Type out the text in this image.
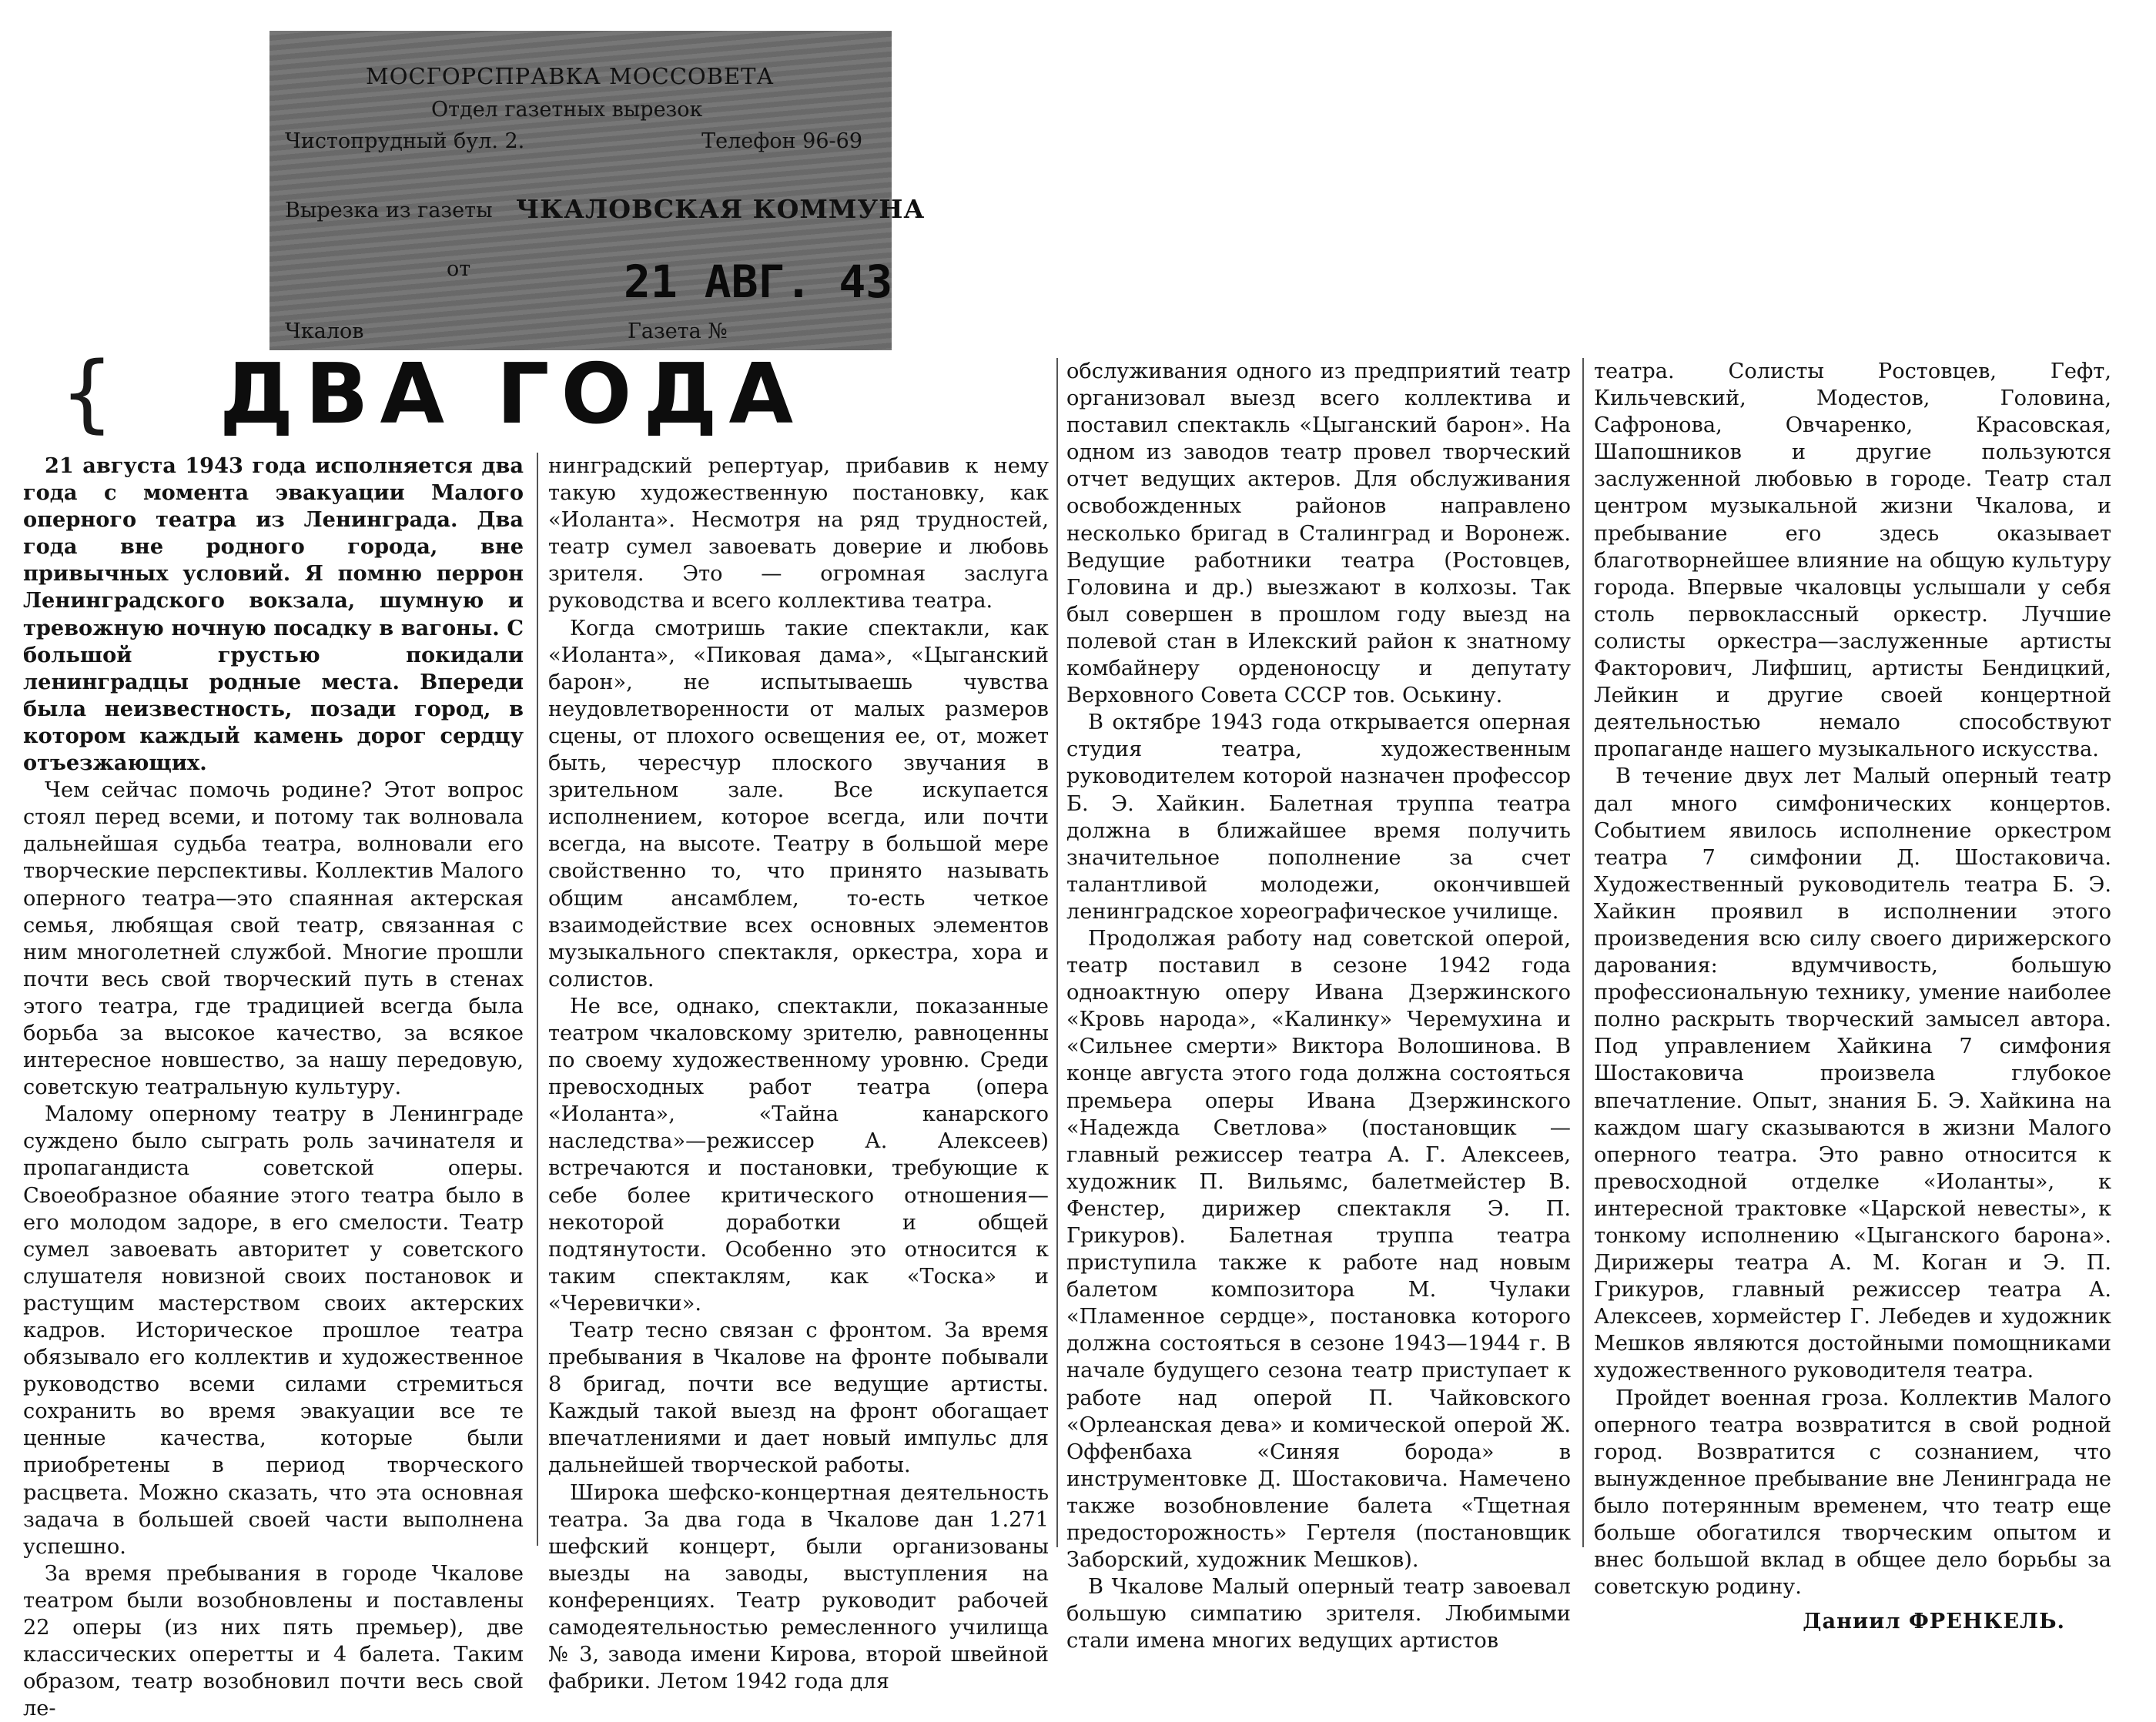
МОСГОРСПРАВКА МОССОВЕТА
Отдел газетных вырезок
Чистопрудный бул. 2.	Телефон 96-69
Вырезка из газеты ЧКАЛОВСКАЯ КОММУНА
от	21 АВГ. 43
Чкалов	Газета №
{ ДВА ГОДА

21 августа 1943 года исполняется два года с момента эвакуации Малого оперного театра из Ленинграда. Два года вне родного города, вне привычных условий. Я помню перрон Ленинградского вокзала, шумную и тревожную ночную посадку в вагоны. С большой грустью покидали ленинградцы родные места. Впереди была неизвестность, позади город, в котором каждый камень дорог сердцу отъезжающих.

Чем сейчас помочь родине? Этот вопрос стоял перед всеми, и потому так волновала дальнейшая судьба театра, волновали его творческие перспективы. Коллектив Малого оперного театра—это спаянная актерская семья, любящая свой театр, связанная с ним многолетней службой. Многие прошли почти весь свой творческий путь в стенах этого театра, где традицией всегда была борьба за высокое качество, за всякое интересное новшество, за нашу передовую, советскую театральную культуру.

Малому оперному театру в Ленинграде суждено было сыграть роль зачинателя и пропагандиста советской оперы. Своеобразное обаяние этого театра было в его молодом задоре, в его смелости. Театр сумел завоевать авторитет у советского слушателя новизной своих постановок и растущим мастерством своих актерских кадров. Историческое прошлое театра обязывало его коллектив и художественное руководство всеми силами стремиться сохранить во время эвакуации все те ценные качества, которые были приобретены в период творческого расцвета. Можно сказать, что эта основная задача в большей своей части выполнена успешно.

За время пребывания в городе Чкалове театром были возобновлены и поставлены 22 оперы (из них пять премьер), две классических оперетты и 4 балета. Таким образом, театр возобновил почти весь свой ле-

нинградский репертуар, прибавив к нему такую художественную постановку, как «Иоланта». Несмотря на ряд трудностей, театр сумел завоевать доверие и любовь зрителя. Это — огромная заслуга руководства и всего коллектива театра.

Когда смотришь такие спектакли, как «Иоланта», «Пиковая дама», «Цыганский барон», не испытываешь чувства неудовлетворенности от малых размеров сцены, от плохого освещения ее, от, может быть, чересчур плоского звучания в зрительном зале. Все искупается исполнением, которое всегда, или почти всегда, на высоте. Театру в большой мере свойственно то, что принято называть общим ансамблем, то-есть четкое взаимодействие всех основных элементов музыкального спектакля, оркестра, хора и солистов.

Не все, однако, спектакли, показанные театром чкаловскому зрителю, равноценны по своему художественному уровню. Среди превосходных работ театра (опера «Иоланта», «Тайна канарского наследства»—режиссер А. Алексеев) встречаются и постановки, требующие к себе более критического отношения—некоторой доработки и общей подтянутости. Особенно это относится к таким спектаклям, как «Тоска» и «Черевички».

Театр тесно связан с фронтом. За время пребывания в Чкалове на фронте побывали 8 бригад, почти все ведущие артисты. Каждый такой выезд на фронт обогащает впечатлениями и дает новый импульс для дальнейшей творческой работы.

Широка шефско-концертная деятельность театра. За два года в Чкалове дан 1.271 шефский концерт, были организованы выезды на заводы, выступления на конференциях. Театр руководит рабочей самодеятельностью ремесленного училища № 3, завода имени Кирова, второй швейной фабрики. Летом 1942 года для

обслуживания одного из предприятий театр организовал выезд всего коллектива и поставил спектакль «Цыганский барон». На одном из заводов театр провел творческий отчет ведущих актеров. Для обслуживания освобожденных районов направлено несколько бригад в Сталинград и Воронеж. Ведущие работники театра (Ростовцев, Головина и др.) выезжают в колхозы. Так был совершен в прошлом году выезд на полевой стан в Илекский район к знатному комбайнеру орденоносцу и депутату Верховного Совета СССР тов. Оськину.

В октябре 1943 года открывается оперная студия театра, художественным руководителем которой назначен профессор Б. Э. Хайкин. Балетная труппа театра должна в ближайшее время получить значительное пополнение за счет талантливой молодежи, окончившей ленинградское хореографическое училище.

Продолжая работу над советской оперой, театр поставил в сезоне 1942 года одноактную оперу Ивана Дзержинского «Кровь народа», «Калинку» Черемухина и «Сильнее смерти» Виктора Волошинова. В конце августа этого года должна состояться премьера оперы Ивана Дзержинского «Надежда Светлова» (постановщик — главный режиссер театра А. Г. Алексеев, художник П. Вильямс, балетмейстер В. Фенстер, дирижер спектакля Э. П. Грикуров). Балетная труппа театра приступила также к работе над новым балетом композитора М. Чулаки «Пламенное сердце», постановка которого должна состояться в сезоне 1943—1944 г. В начале будущего сезона театр приступает к работе над оперой П. Чайковского «Орлеанская дева» и комической оперой Ж. Оффенбаха «Синяя борода» в инструментовке Д. Шостаковича. Намечено также возобновление балета «Тщетная предосторожность» Гертеля (постановщик Заборский, художник Мешков).

В Чкалове Малый оперный театр завоевал большую симпатию зрителя. Любимыми стали имена многих ведущих артистов

театра. Солисты Ростовцев, Гефт, Кильчевский, Модестов, Головина, Сафронова, Овчаренко, Красовская, Шапошников и другие пользуются заслуженной любовью в городе. Театр стал центром музыкальной жизни Чкалова, и пребывание его здесь оказывает благотворнейшее влияние на общую культуру города. Впервые чкаловцы услышали у себя столь первоклассный оркестр. Лучшие солисты оркестра—заслуженные артисты Факторович, Лифшиц, артисты Бендицкий, Лейкин и другие своей концертной деятельностью немало способствуют пропаганде нашего музыкального искусства.

В течение двух лет Малый оперный театр дал много симфонических концертов. Событием явилось исполнение оркестром театра 7 симфонии Д. Шостаковича. Художественный руководитель театра Б. Э. Хайкин проявил в исполнении этого произведения всю силу своего дирижерского дарования: вдумчивость, большую профессиональную технику, умение наиболее полно раскрыть творческий замысел автора. Под управлением Хайкина 7 симфония Шостаковича произвела глубокое впечатление. Опыт, знания Б. Э. Хайкина на каждом шагу сказываются в жизни Малого оперного театра. Это равно относится к превосходной отделке «Иоланты», к интересной трактовке «Царской невесты», к тонкому исполнению «Цыганского барона». Дирижеры театра А. М. Коган и Э. П. Грикуров, главный режиссер театра А. Алексеев, хормейстер Г. Лебедев и художник Мешков являются достойными помощниками художественного руководителя театра.

Пройдет военная гроза. Коллектив Малого оперного театра возвратится в свой родной город. Возвратится с сознанием, что вынужденное пребывание вне Ленинграда не было потерянным временем, что театр еще больше обогатился творческим опытом и внес большой вклад в общее дело борьбы за советскую родину.

Даниил ФРЕНКЕЛЬ.
